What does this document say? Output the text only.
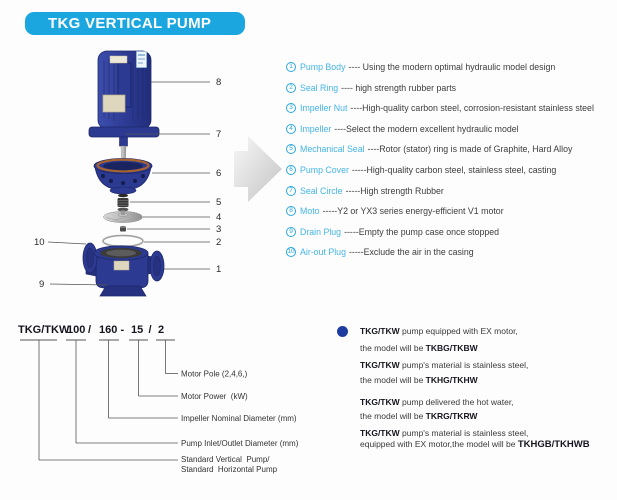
TKG VERTICAL PUMP
8
7
6
5
4
3
2
1
10
9
1 Pump Body ---- Using the modern optimal hydraulic model design
2 Seal Ring ---- high strength rubber parts
3 Impeller Nut ----High-quality carbon steel, corrosion-resistant stainless steel
4 Impeller ----Select the modern excellent hydraulic model
5 Mechanical Seal ----Rotor (stator) ring is made of Graphite, Hard Alloy
6 Pump Cover -----High-quality carbon steel, stainless steel, casting
7 Seal Circle -----High strength Rubber
8 Moto -----Y2 or YX3 series energy-efficient V1 motor
9 Drain Plug -----Empty the pump case once stopped
10 Air-out Plug -----Exclude the air in the casing
TKG/TKW
100 / 160 - 15 / 2
Motor Pole (2,4,6,)
Motor Power  (kW)
Impeller Nominal Diameter (mm)
Pump Inlet/Outlet Diameter (mm)
Standard Vertical  Pump/
Standard  Horizontal Pump
TKG/TKW pump equipped with EX motor,
the model will be TKBG/TKBW
TKG/TKW pump's material is stainless steel,
the model will be TKHG/TKHW
TKG/TKW pump delivered the hot water,
the model will be TKRG/TKRW
TKG/TKW pump's material is stainless steel,
equipped with EX motor,the model will be TKHGB/TKHWB
